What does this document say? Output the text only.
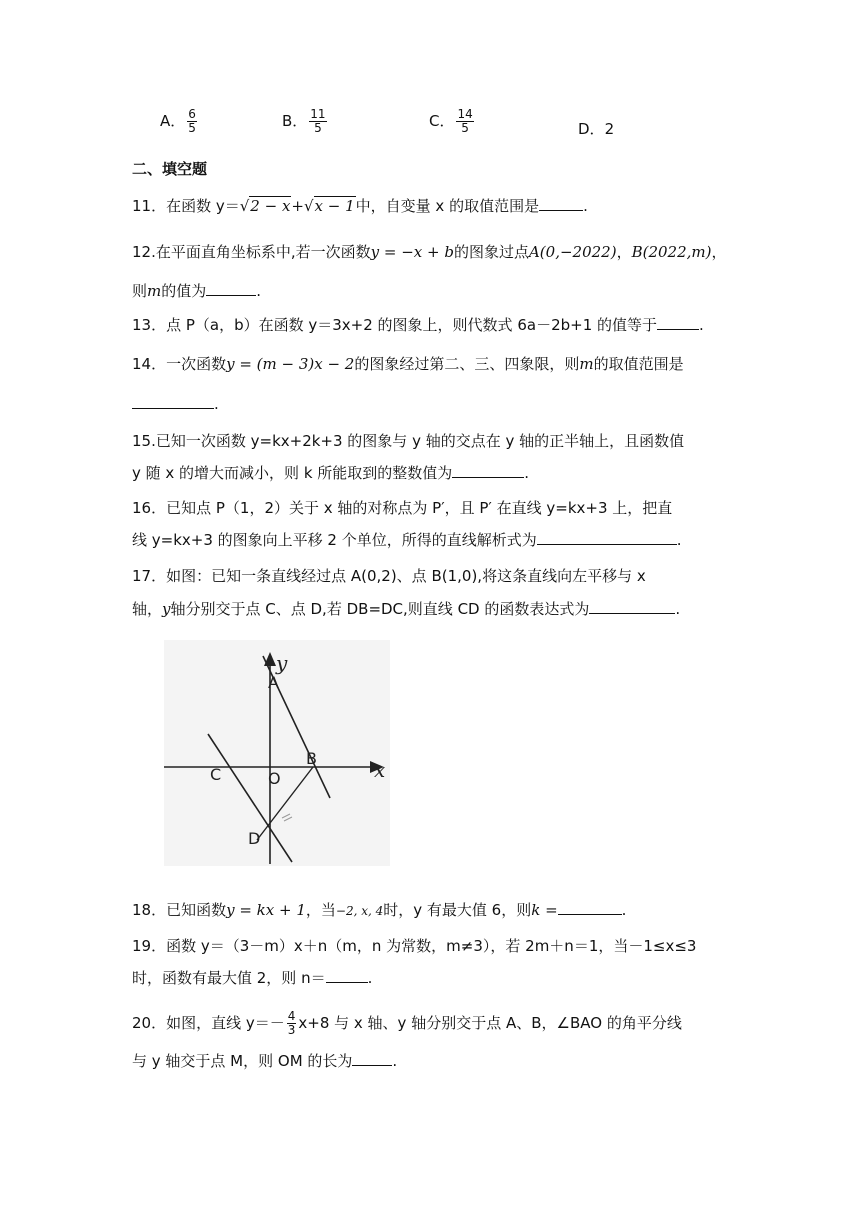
A． $\frac{6}{5}$	B． $\frac{11}{5}$	C． $\frac{14}{5}$	D．2
二、填空题
11．在函数 y＝√2 − x+√x − 1中，自变量 x 的取值范围是	.
12.在平面直角坐标系中,若一次函数y = −x + b的图象过点A(0,−2022)，B(2022,m)，
则m的值为	.
13．点 P（a，b）在函数 y＝3x+2 的图象上，则代数式 6a－2b+1 的值等于	.
14．一次函数y = (m − 3)x − 2的图象经过第二、三、四象限，则m的取值范围是
.
15.已知一次函数 y=kx+2k+3 的图象与 y 轴的交点在 y 轴的正半轴上，且函数值
y 随 x 的增大而减小，则 k 所能取到的整数值为	.
16．已知点 P（1，2）关于 x 轴的对称点为 P′，且 P′ 在直线 y=kx+3 上，把直
线 y=kx+3 的图象向上平移 2 个单位，所得的直线解析式为	.
17．如图：已知一条直线经过点 A(0,2)、点 B(1,0),将这条直线向左平移与 x
轴，y轴分别交于点 C、点 D,若 DB=DC,则直线 CD 的函数表达式为	.
y
x
A
B
C	O
D
18．已知函数y = kx + 1，当−2, x, 4时，y 有最大值 6，则k =	.
19．函数 y＝（3－m）x＋n（m，n 为常数，m≠3），若 2m＋n＝1，当－1≤x≤3
时，函数有最大值 2，则 n＝	.
20．如图，直线 $y=- \frac{4}{3} x+8$ 与 x 轴、y 轴分别交于点 A、B，∠BAO 的角平分线
与 y 轴交于点 M，则 OM 的长为	.
